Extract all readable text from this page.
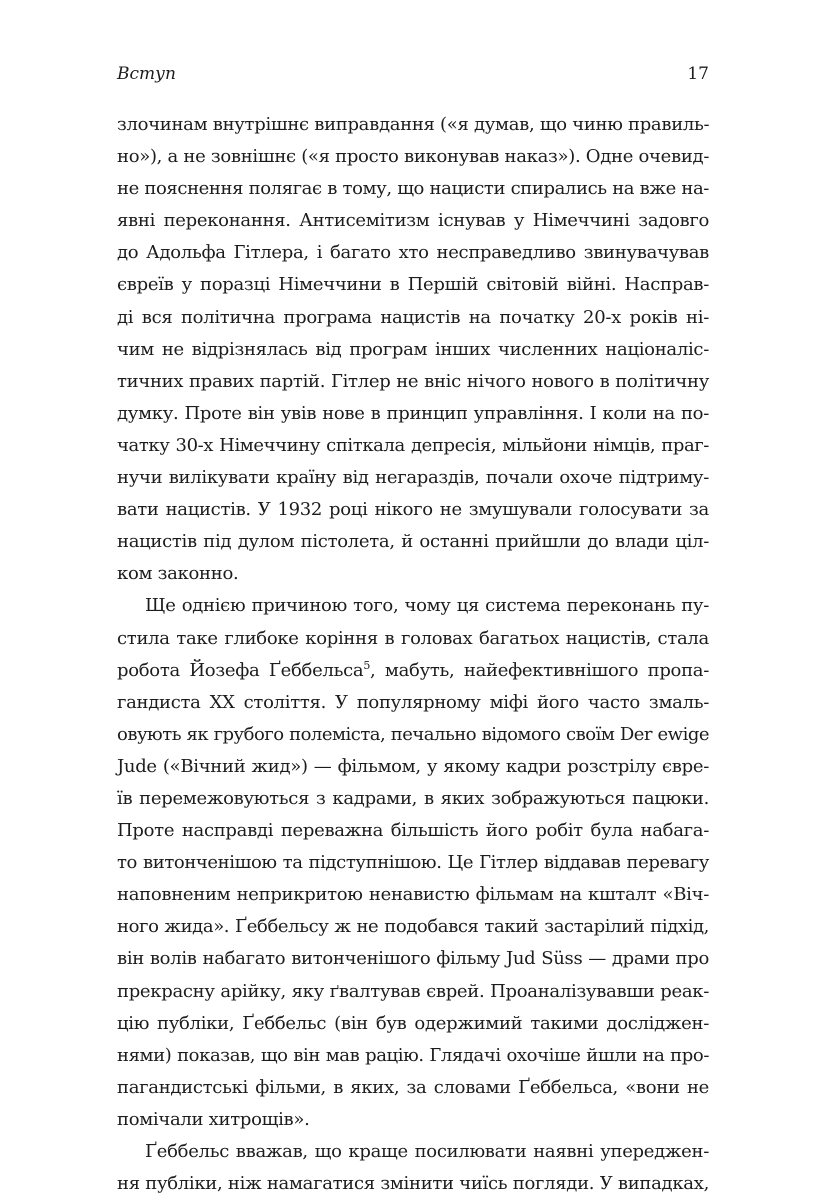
Вступ	17
злочинам внутрішнє виправдання («я думав, що чиню правиль-
но»), а не зовнішнє («я просто виконував наказ»). Одне очевид-
не пояснення полягає в тому, що нацисти спирались на вже на-
явні переконання. Антисемітизм існував у Німеччині задовго
до Адольфа Гітлера, і багато хто несправедливо звинувачував
євреїв у поразці Німеччини в Першій світовій війні. Насправ-
ді вся політична програма нацистів на початку 20-х років ні-
чим не відрізнялась від програм інших численних націоналіс-
тичних правих партій. Гітлер не вніс нічого нового в політичну
думку. Проте він увів нове в принцип управління. І коли на по-
чатку 30-х Німеччину спіткала депресія, мільйони німців, праг-
нучи вилікувати країну від негараздів, почали охоче підтриму-
вати нацистів. У 1932 році нікого не змушували голосувати за
нацистів під дулом пістолета, й останні прийшли до влади ціл-
ком законно.
Ще однією причиною того, чому ця система переконань пу-
стила таке глибоке коріння в головах багатьох нацистів, стала
робота Йозефа Ґеббельса$^5$, мабуть, найефективнішого пропа-
гандиста XX століття. У популярному міфі його часто змаль-
овують як грубого полеміста, печально відомого своїм Der ewige
Jude («Вічний жид») — фільмом, у якому кадри розстрілу євре-
їв перемежовуються з кадрами, в яких зображуються пацюки.
Проте насправді переважна більшість його робіт була набага-
то витонченішою та підступнішою. Це Гітлер віддавав перевагу
наповненим неприкритою ненавистю фільмам на кшталт «Віч-
ного жида». Ґеббельсу ж не подобався такий застарілий підхід,
він волів набагато витонченішого фільму Jud Süss — драми про
прекрасну арійку, яку ґвалтував єврей. Проаналізувавши реак-
цію публіки, Ґеббельс (він був одержимий такими досліджен-
нями) показав, що він мав рацію. Глядачі охочіше йшли на про-
пагандистські фільми, в яких, за словами Ґеббельса, «вони не
помічали хитрощів».
Ґеббельс вважав, що краще посилювати наявні упереджен-
ня публіки, ніж намагатися змінити чиїсь погляди. У випадках,
